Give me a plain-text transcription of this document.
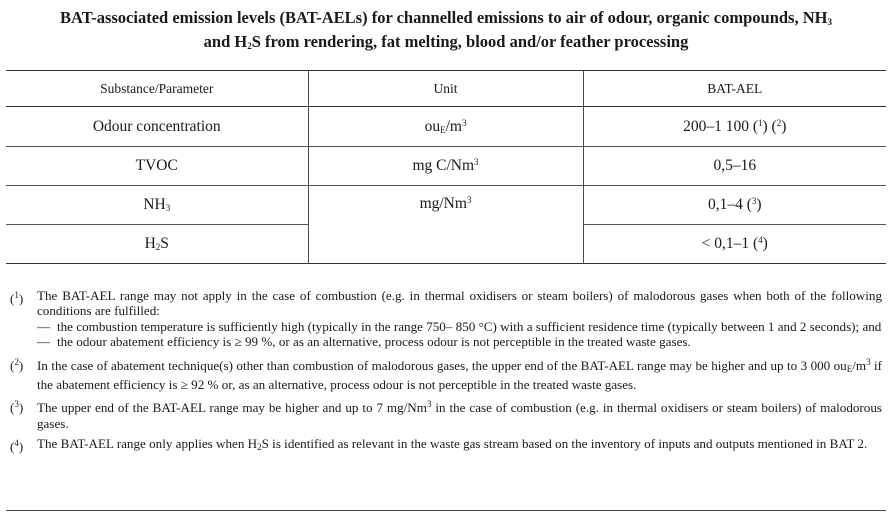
BAT-associated emission levels (BAT-AELs) for channelled emissions to air of odour, organic compounds, $NH_3$
and $H_2S$ from rendering, fat melting, blood and/or feather processing
Substance/Parameter	Unit	BAT-AEL
Odour concentration	$ou_E/m^3$	200–1 100 ($^1$) ($^2$)
TVOC	mg C/Nm$^3$	0,5–16
$NH_3$	mg/Nm$^3$	0,1–4 ($^3$)
$H_2S$		< 0,1–1 ($^4$)
($^1$) The BAT-AEL range may not apply in the case of combustion (e.g. in thermal oxidisers or steam boilers) of malodorous gases when both of the following conditions are fulfilled:
— the combustion temperature is sufficiently high (typically in the range 750– 850 °C) with a sufficient residence time (typically between 1 and 2 seconds); and
— the odour abatement efficiency is ≥ 99 %, or as an alternative, process odour is not perceptible in the treated waste gases.
($^2$) In the case of abatement technique(s) other than combustion of malodorous gases, the upper end of the BAT-AEL range may be higher and up to 3 000 $ou_E/m^3$ if the abatement efficiency is ≥ 92 % or, as an alternative, process odour is not perceptible in the treated waste gases.
($^3$) The upper end of the BAT-AEL range may be higher and up to 7 mg/Nm$^3$ in the case of combustion (e.g. in thermal oxidisers or steam boilers) of malodorous gases.
($^4$) The BAT-AEL range only applies when $H_2S$ is identified as relevant in the waste gas stream based on the inventory of inputs and outputs mentioned in BAT 2.
